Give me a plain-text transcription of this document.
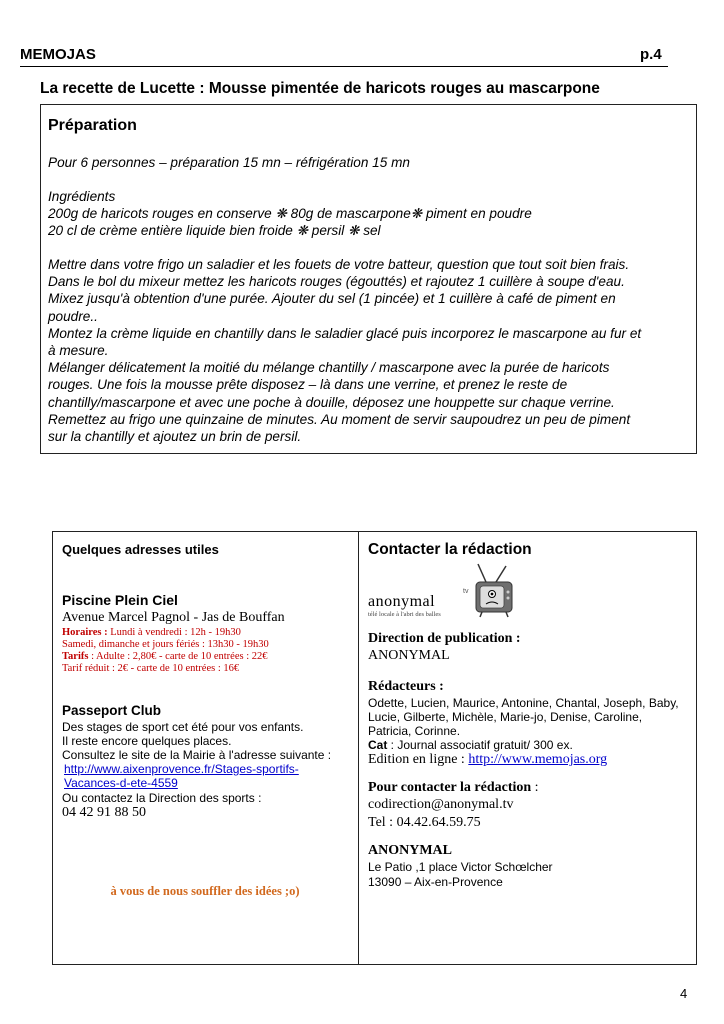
MEMOJAS	p.4
La recette de Lucette : Mousse pimentée de haricots rouges au mascarpone
Préparation
Pour 6 personnes – préparation 15 mn – réfrigération 15 mn
Ingrédients
200g de haricots rouges en conserve ❋ 80g de mascarpone❋ piment en poudre
20 cl de crème entière liquide bien froide ❋ persil ❋ sel
Mettre dans votre frigo un saladier et les fouets de votre batteur, question que tout soit bien frais.
Dans le bol du mixeur mettez les haricots rouges (égouttés) et rajoutez 1 cuillère à soupe d'eau.
Mixez jusqu'à obtention d'une purée. Ajouter du sel (1 pincée) et 1 cuillère à café de piment en
poudre..
Montez la crème liquide en chantilly dans le saladier glacé puis incorporez le mascarpone au fur et
à mesure.
Mélanger délicatement la moitié du mélange chantilly / mascarpone avec la purée de haricots
rouges. Une fois la mousse prête disposez – là dans une verrine, et prenez le reste de
chantilly/mascarpone et avec une poche à douille, déposez une houppette sur chaque verrine.
Remettez au frigo une quinzaine de minutes. Au moment de servir saupoudrez un peu de piment
sur la chantilly et ajoutez un brin de persil.
Quelques adresses utiles
Piscine Plein Ciel
Avenue Marcel Pagnol - Jas de Bouffan
Horaires : Lundi à vendredi : 12h - 19h30
Samedi, dimanche et jours fériés : 13h30 - 19h30
Tarifs : Adulte : 2,80€ - carte de 10 entrées : 22€
Tarif réduit : 2€ - carte de 10 entrées : 16€
Passeport Club
Des stages de sport cet été pour vos enfants.
Il reste encore quelques places.
Consultez le site de la Mairie à l'adresse suivante :
http://www.aixenprovence.fr/Stages-sportifs-
Vacances-d-ete-4559
Ou contactez la Direction des sports :
04 42 91 88 50
à vous de nous souffler des idées ;o)
Contacter la rédaction
anonymal
tv
télé locale à l'abri des balles
Direction de publication :
ANONYMAL
Rédacteurs :
Odette, Lucien, Maurice, Antonine, Chantal, Joseph, Baby,
Lucie, Gilberte, Michèle, Marie-jo, Denise, Caroline,
Patricia, Corinne.
Cat : Journal associatif gratuit/ 300 ex.
Edition en ligne : http://www.memojas.org
Pour contacter la rédaction :
codirection@anonymal.tv
Tel : 04.42.64.59.75
ANONYMAL
Le Patio ,1 place Victor Schœlcher
13090 – Aix-en-Provence
4
